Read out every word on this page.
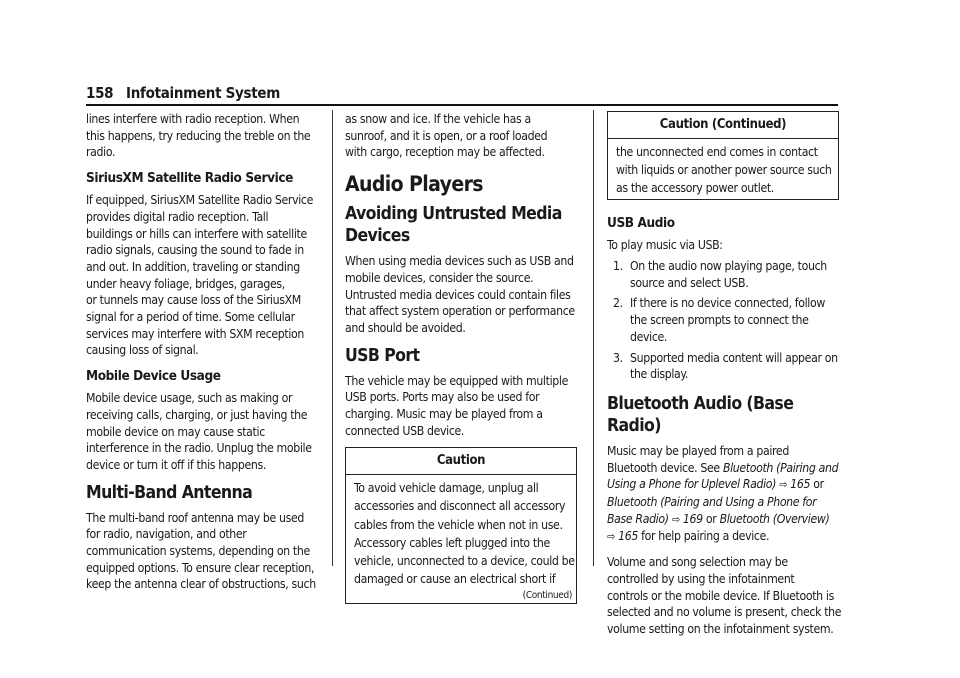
158 Infotainment System

lines interfere with radio reception. When
this happens, try reducing the treble on the
radio.

SiriusXM Satellite Radio Service

If equipped, SiriusXM Satellite Radio Service
provides digital radio reception. Tall
buildings or hills can interfere with satellite
radio signals, causing the sound to fade in
and out. In addition, traveling or standing
under heavy foliage, bridges, garages,
or tunnels may cause loss of the SiriusXM
signal for a period of time. Some cellular
services may interfere with SXM reception
causing loss of signal.

Mobile Device Usage

Mobile device usage, such as making or
receiving calls, charging, or just having the
mobile device on may cause static
interference in the radio. Unplug the mobile
device or turn it off if this happens.

Multi-Band Antenna

The multi-band roof antenna may be used
for radio, navigation, and other
communication systems, depending on the
equipped options. To ensure clear reception,
keep the antenna clear of obstructions, such

as snow and ice. If the vehicle has a
sunroof, and it is open, or a roof loaded
with cargo, reception may be affected.

Audio Players
Avoiding Untrusted Media Devices

When using media devices such as USB and
mobile devices, consider the source.
Untrusted media devices could contain files
that affect system operation or performance
and should be avoided.

USB Port

The vehicle may be equipped with multiple
USB ports. Ports may also be used for
charging. Music may be played from a
connected USB device.

Caution
To avoid vehicle damage, unplug all
accessories and disconnect all accessory
cables from the vehicle when not in use.
Accessory cables left plugged into the
vehicle, unconnected to a device, could be
damaged or cause an electrical short if
(Continued)
Caution (Continued)
the unconnected end comes in contact
with liquids or another power source such
as the accessory power outlet.
USB Audio

To play music via USB:

1. On the audio now playing page, touch
source and select USB.
2. If there is no device connected, follow
the screen prompts to connect the
device.
3. Supported media content will appear on
the display.
Bluetooth Audio (Base Radio)

Music may be played from a paired
Bluetooth device. See Bluetooth (Pairing and
Using a Phone for Uplevel Radio) ⇨ 165 or
Bluetooth (Pairing and Using a Phone for
Base Radio) ⇨ 169 or Bluetooth (Overview)
⇨ 165 for help pairing a device.

Volume and song selection may be
controlled by using the infotainment
controls or the mobile device. If Bluetooth is
selected and no volume is present, check the
volume setting on the infotainment system.
